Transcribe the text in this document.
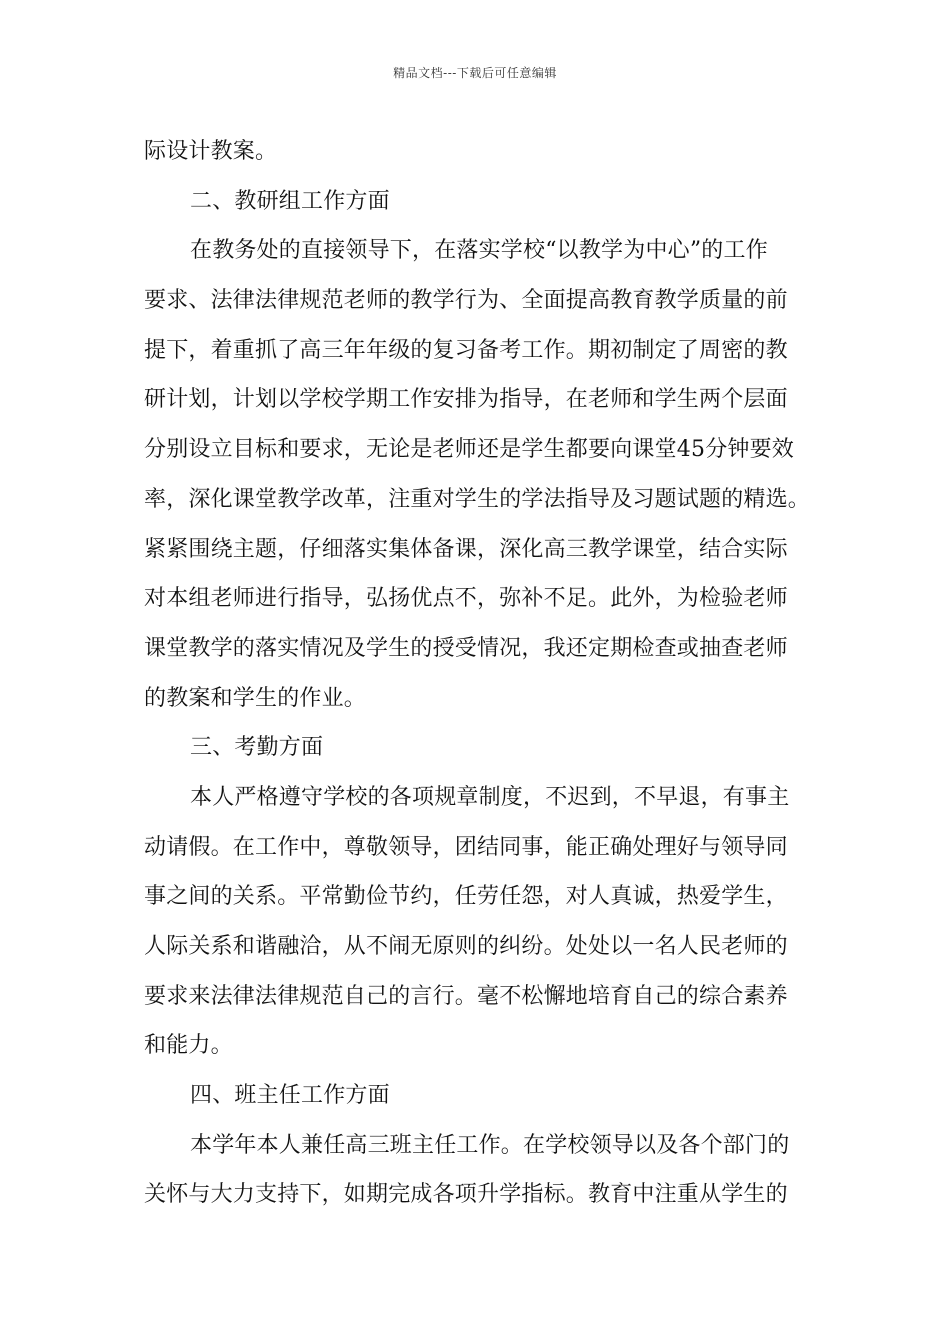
精品文档---下载后可任意编辑
际设计教案。
二、教研组工作方面
在教务处的直接领导下，在落实学校“以教学为中心”的工作
要求、法律法律规范老师的教学行为、全面提高教育教学质量的前
提下，着重抓了高三年年级的复习备考工作。期初制定了周密的教
研计划，计划以学校学期工作安排为指导，在老师和学生两个层面
分别设立目标和要求，无论是老师还是学生都要向课堂45分钟要效
率，深化课堂教学改革，注重对学生的学法指导及习题试题的精选。
紧紧围绕主题，仔细落实集体备课，深化高三教学课堂，结合实际
对本组老师进行指导，弘扬优点不，弥补不足。此外，为检验老师
课堂教学的落实情况及学生的授受情况，我还定期检查或抽查老师
的教案和学生的作业。
三、考勤方面
本人严格遵守学校的各项规章制度，不迟到，不早退，有事主
动请假。在工作中，尊敬领导，团结同事，能正确处理好与领导同
事之间的关系。平常勤俭节约，任劳任怨，对人真诚，热爱学生，
人际关系和谐融洽，从不闹无原则的纠纷。处处以一名人民老师的
要求来法律法律规范自己的言行。毫不松懈地培育自己的综合素养
和能力。
四、班主任工作方面
本学年本人兼任高三班主任工作。在学校领导以及各个部门的
关怀与大力支持下，如期完成各项升学指标。教育中注重从学生的
